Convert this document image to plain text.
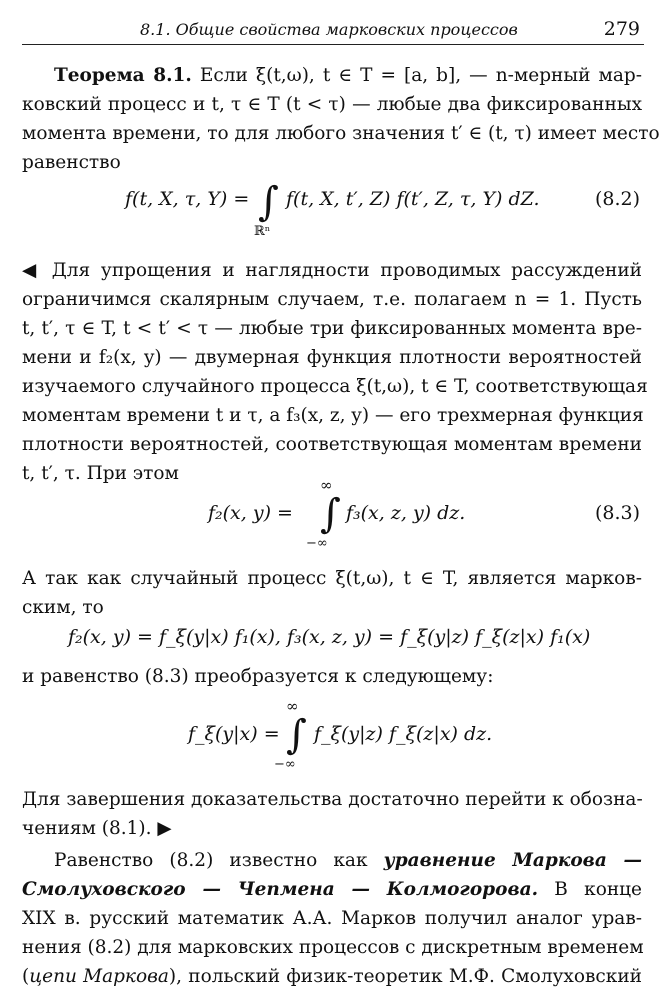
8.1. Общие свойства марковских процессов	279
Теорема 8.1. Если ξ(t,ω), t ∈ T = [a, b], — n-мерный мар-
ковский процесс и t, τ ∈ T (t < τ) — любые два фиксированных
момента времени, то для любого значения t′ ∈ (t, τ) имеет место
равенство
f(t, X, τ, Y) = ∫
ℝⁿ
f(t, X, t′, Z) f(t′, Z, τ, Y) dZ.	(8.2)
◀ Для упрощения и наглядности проводимых рассуждений
ограничимся скалярным случаем, т.е. полагаем n = 1. Пусть
t, t′, τ ∈ T, t < t′ < τ — любые три фиксированных момента вре-
мени и f₂(x, y) — двумерная функция плотности вероятностей
изучаемого случайного процесса ξ(t,ω), t ∈ T, соответствующая
моментам времени t и τ, а f₃(x, z, y) — его трехмерная функция
плотности вероятностей, соответствующая моментам времени
t, t′, τ. При этом
∞
f₂(x, y) = ∫
−∞
f₃(x, z, y) dz.	(8.3)
А так как случайный процесс ξ(t,ω), t ∈ T, является марков-
ским, то
f₂(x, y) = f_ξ(y|x) f₁(x), f₃(x, z, y) = f_ξ(y|z) f_ξ(z|x) f₁(x)
и равенство (8.3) преобразуется к следующему:
∞
f_ξ(y|x) = ∫
−∞
f_ξ(y|z) f_ξ(z|x) dz.
Для завершения доказательства достаточно перейти к обозна-
чениям (8.1). ▶
Равенство (8.2) известно как уравнение Маркова —
Смолуховского — Чепмена — Колмогорова. В конце
XIX в. русский математик А.А. Марков получил аналог урав-
нения (8.2) для марковских процессов с дискретным временем
(цепи Маркова), польский физик-теоретик М.Ф. Смолуховский
